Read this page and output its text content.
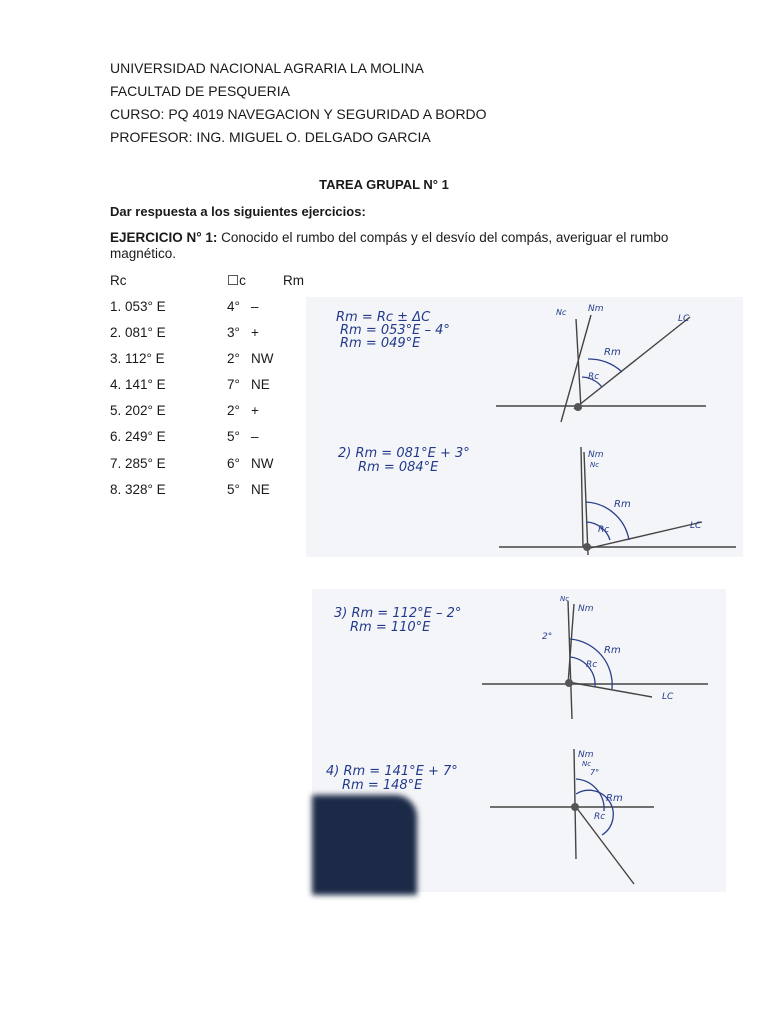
UNIVERSIDAD NACIONAL AGRARIA LA MOLINA
FACULTAD DE PESQUERIA
CURSO: PQ 4019 NAVEGACION Y SEGURIDAD A BORDO
PROFESOR: ING. MIGUEL O. DELGADO GARCIA
TAREA GRUPAL N° 1
Dar respuesta a los siguientes ejercicios:
EJERCICIO N° 1: Conocido el rumbo del compás y el desvío del compás, averiguar el rumbo magnético.
Rc	☐c	Rm
1. 053° E	4° –
2. 081° E	3° +
3. 112° E	2° NW
4. 141° E	7° NE
5. 202° E	2° +
6. 249° E	5° –
7. 285° E	6° NW
8. 328° E	5° NE
Rm = Rc ± ΔC
Rm = 053°E – 4°
Rm = 049°E
Nc Nm
LC
Rm
Rc
2) Rm = 081°E + 3°
Rm = 084°E
Nm
Nc
LC
Rm
Rc
3) Rm = 112°E – 2°
Rm = 110°E
Nc
Nm
2°
LC
Rm
Rc
4) Rm = 141°E + 7°
Rm = 148°E
Nm
Nc
7°
Rm
Rc
